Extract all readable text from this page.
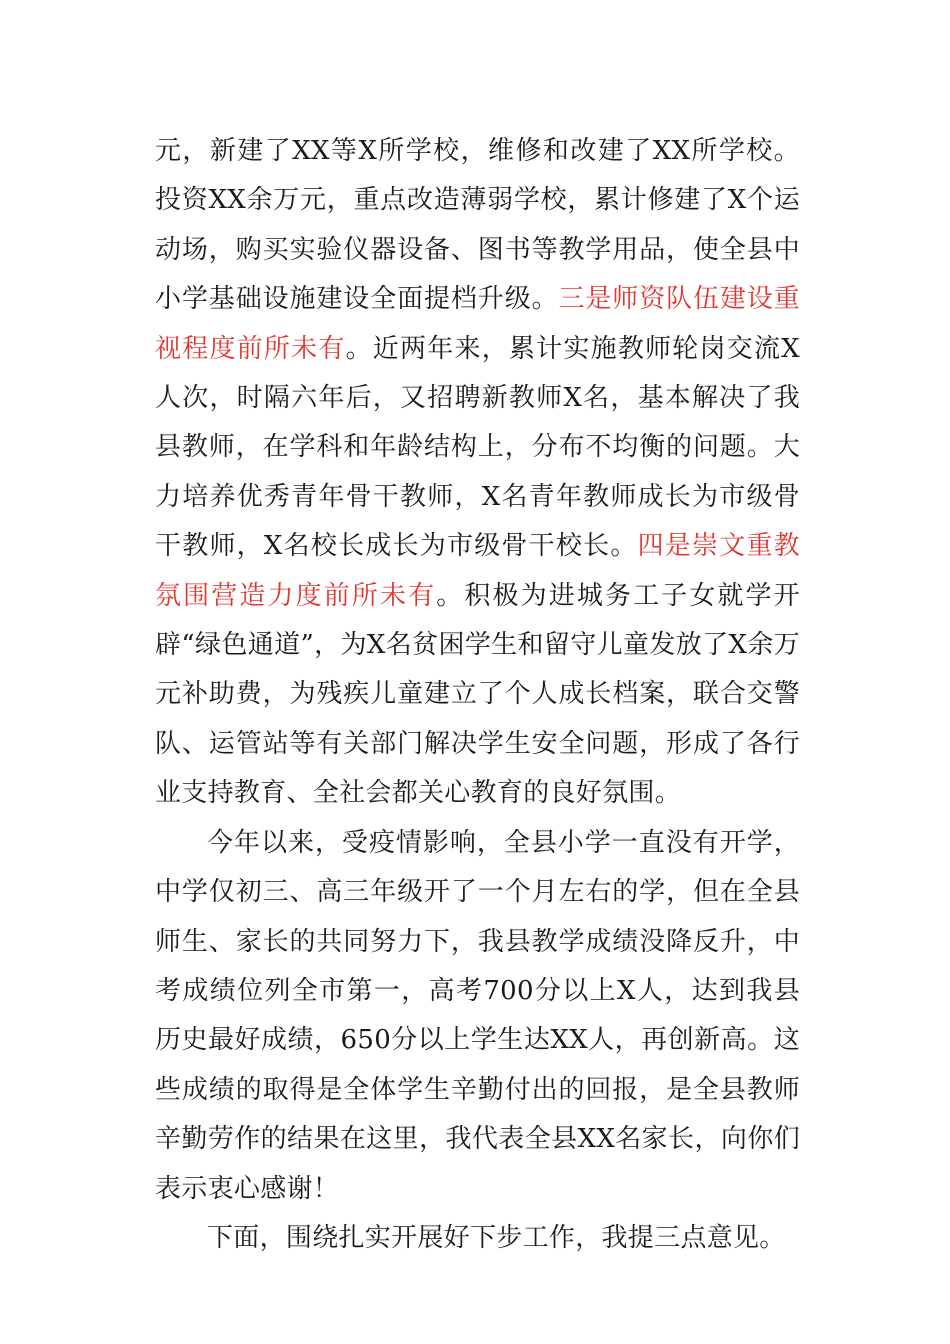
元，新建了XX等X所学校，维修和改建了XX所学校。投资XX余万元，重点改造薄弱学校，累计修建了X个运动场，购买实验仪器设备、图书等教学用品，使全县中小学基础设施建设全面提档升级。三是师资队伍建设重视程度前所未有。近两年来，累计实施教师轮岗交流X人次，时隔六年后，又招聘新教师X名，基本解决了我县教师，在学科和年龄结构上，分布不均衡的问题。大力培养优秀青年骨干教师，X名青年教师成长为市级骨干教师，X名校长成长为市级骨干校长。四是崇文重教氛围营造力度前所未有。积极为进城务工子女就学开辟“绿色通道”，为X名贫困学生和留守儿童发放了X余万元补助费，为残疾儿童建立了个人成长档案，联合交警队、运管站等有关部门解决学生安全问题，形成了各行业支持教育、全社会都关心教育的良好氛围。

今年以来，受疫情影响，全县小学一直没有开学，中学仅初三、高三年级开了一个月左右的学，但在全县师生、家长的共同努力下，我县教学成绩没降反升，中考成绩位列全市第一，高考700分以上X人，达到我县历史最好成绩，650分以上学生达XX人，再创新高。这些成绩的取得是全体学生辛勤付出的回报，是全县教师辛勤劳作的结果在这里，我代表全县XX名家长，向你们表示衷心感谢！

下面，围绕扎实开展好下步工作，我提三点意见。
